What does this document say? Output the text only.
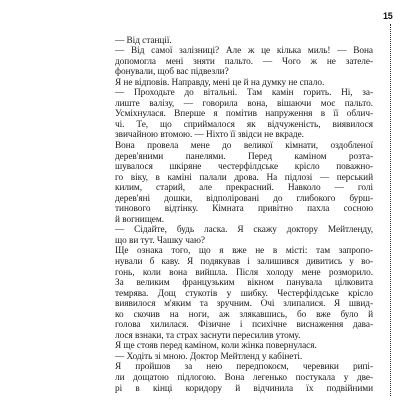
15
— Від станції.
— Від самої залізниці? Але ж це кілька миль! — Вона
допомогла мені зняти пальто. — Чого ж не зателе-
фонували, щоб вас підвезли?
Я не відповів. Направду, мені це й на думку не спало.
— Проходьте до вітальні. Там камін горить. Ні, за-
лиште валізу, — говорила вона, вішаючи моє пальто.
Усміхнулася. Вперше я помітив напруження в її облич-
чі. Те, що сприймалося як відчуженість, виявилося
звичайною втомою. — Ніхто її звідси не вкраде.
Вона провела мене до великої кімнати, оздобленої
дерев'яними панелями. Перед каміном розта-
шувалося шкіряне честерфілдське крісло поважно-
го віку, в каміні палали дрова. На підлозі — перський
килим, старий, але прекрасний. Навколо — голі
дерев'яні дошки, відполіровані до глибокого бурш-
тинового відтінку. Кімната привітно пахла сосною
й вогнищем.
— Сідайте, будь ласка. Я скажу доктору Мейтленду,
що ви тут. Чашку чаю?
Ще ознака того, що я вже не в місті: там запропо-
нували б каву. Я подякував і залишився дивитись у во-
гонь, коли вона вийшла. Після холоду мене розморило.
За великим французьким вікном панувала цілковита
темрява. Дощ стукотів у шибку. Честерфілдське крісло
виявилося м'яким та зручним. Очі злипалися. Я швид-
ко скочив на ноги, аж злякавшись, бо вже було й
голова хилилася. Фізичне і психічне виснаження дава-
лося взнаки, та страх заснути пересилив утому.
Я ще стояв перед каміном, коли жінка повернулася.
— Ходіть зі мною. Доктор Мейтленд у кабінеті.
Я пройшов за нею передпокоєм, черевики рипі-
ли дощатою підлогою. Вона легенько постукала у две-
рі в кінці коридору й відчинила їх подвійними
